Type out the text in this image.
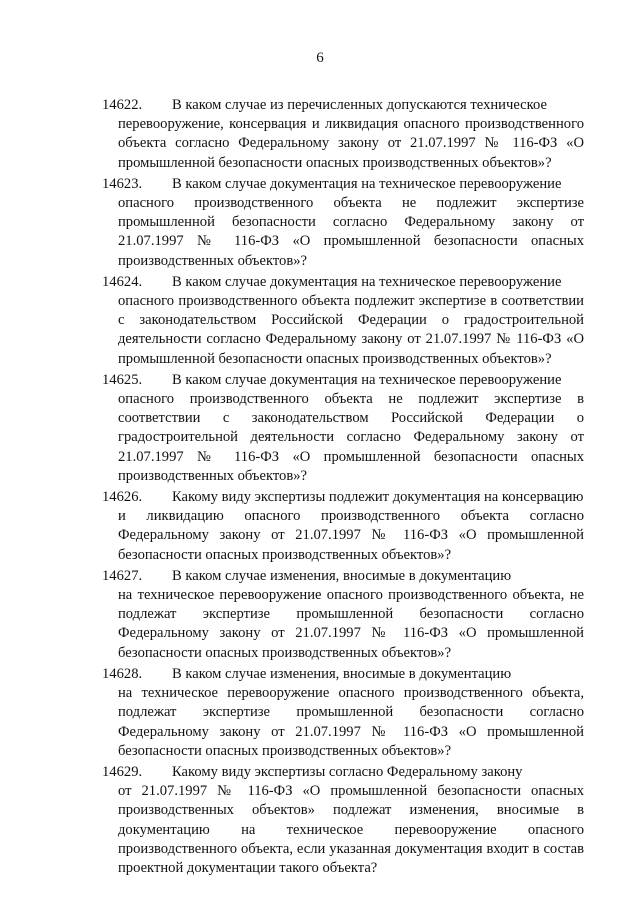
6
14622.	В каком случае из перечисленных допускаются техническое
перевооружение, консервация и ликвидация опасного производственного объекта согласно Федеральному закону от 21.07.1997 № 116-ФЗ «О промышленной безопасности опасных производственных объектов»?
14623.	В каком случае документация на техническое перевооружение
опасного производственного объекта не подлежит экспертизе промышленной безопасности согласно Федеральному закону от 21.07.1997 № 116-ФЗ «О промышленной безопасности опасных производственных объектов»?
14624.	В каком случае документация на техническое перевооружение
опасного производственного объекта подлежит экспертизе в соответствии с законодательством Российской Федерации о градостроительной деятельности согласно Федеральному закону от 21.07.1997 № 116-ФЗ «О промышленной безопасности опасных производственных объектов»?
14625.	В каком случае документация на техническое перевооружение
опасного производственного объекта не подлежит экспертизе в соответствии с законодательством Российской Федерации о градостроительной деятельности согласно Федеральному закону от 21.07.1997 № 116-ФЗ «О промышленной безопасности опасных производственных объектов»?
14626.	Какому виду экспертизы подлежит документация на консервацию
и ликвидацию опасного производственного объекта согласно Федеральному закону от 21.07.1997 № 116-ФЗ «О промышленной безопасности опасных производственных объектов»?
14627.	В каком случае изменения, вносимые в документацию
на техническое перевооружение опасного производственного объекта, не подлежат экспертизе промышленной безопасности согласно Федеральному закону от 21.07.1997 № 116-ФЗ «О промышленной безопасности опасных производственных объектов»?
14628.	В каком случае изменения, вносимые в документацию
на техническое перевооружение опасного производственного объекта, подлежат экспертизе промышленной безопасности согласно Федеральному закону от 21.07.1997 № 116-ФЗ «О промышленной безопасности опасных производственных объектов»?
14629.	Какому виду экспертизы согласно Федеральному закону
от 21.07.1997 № 116-ФЗ «О промышленной безопасности опасных производственных объектов» подлежат изменения, вносимые в документацию на техническое перевооружение опасного производственного объекта, если указанная документация входит в состав проектной документации такого объекта?
